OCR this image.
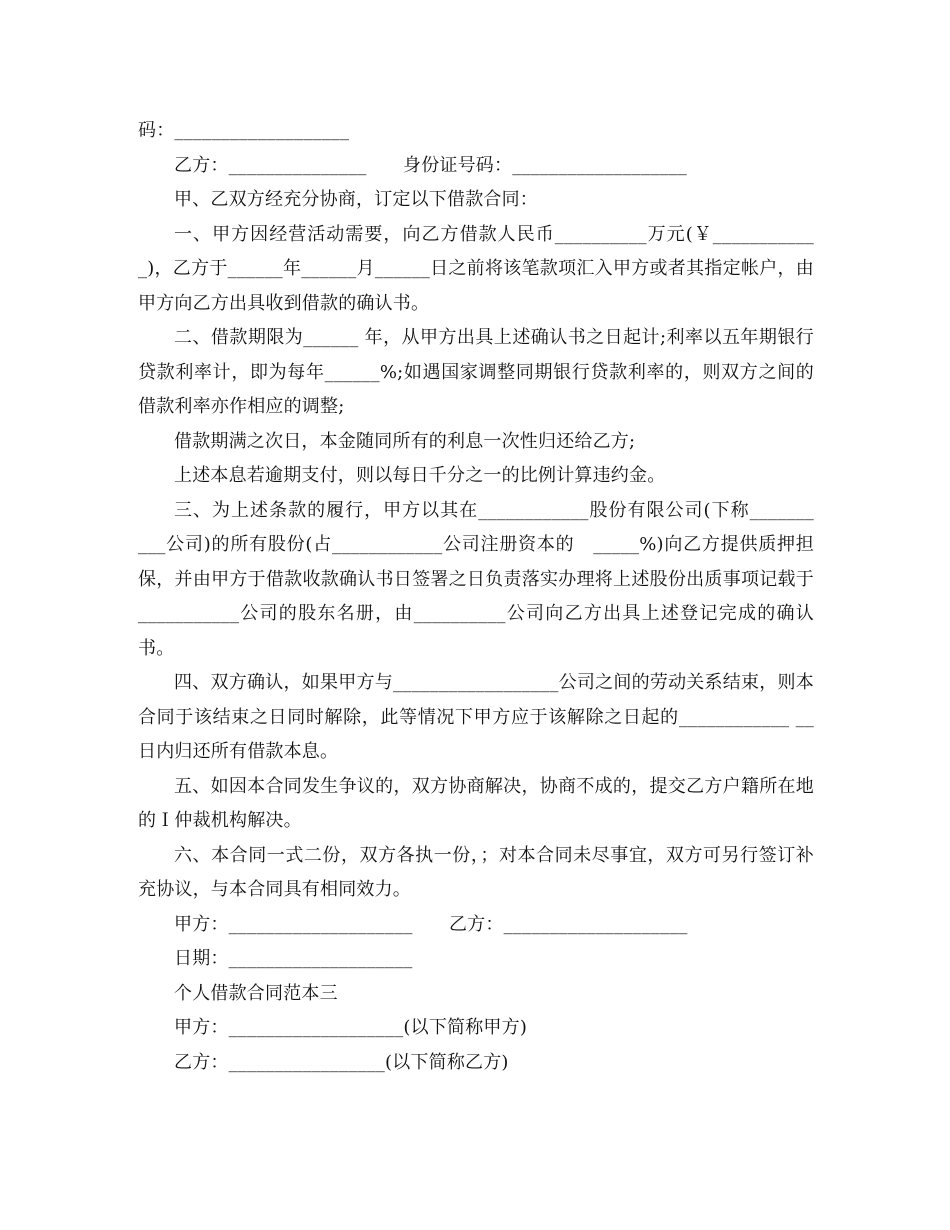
码：___________________

乙方：_______________　　身份证号码：___________________

甲、乙双方经充分协商，订定以下借款合同：

一、甲方因经营活动需要，向乙方借款人民币__________万元(￥___________ _)，乙方于______年______月______日之前将该笔款项汇入甲方或者其指定帐户，由甲方向乙方出具收到借款的确认书。

二、借款期限为______ 年，从甲方出具上述确认书之日起计;利率以五年期银行贷款利率计，即为每年______%;如遇国家调整同期银行贷款利率的，则双方之间的借款利率亦作相应的调整;

借款期满之次日，本金随同所有的利息一次性归还给乙方;

上述本息若逾期支付，则以每日千分之一的比例计算违约金。

三、为上述条款的履行，甲方以其在____________股份有限公司(下称_______ ___公司)的所有股份(占____________公司注册资本的　_____%)向乙方提供质押担保，并由甲方于借款收款确认书日签署之日负责落实办理将上述股份出质事项记载于___________公司的股东名册，由__________公司向乙方出具上述登记完成的确认书。

四、双方确认，如果甲方与__________________公司之间的劳动关系结束，则本合同于该结束之日同时解除，此等情况下甲方应于该解除之日起的____________ __日内归还所有借款本息。

五、如因本合同发生争议的，双方协商解决，协商不成的，提交乙方户籍所在地的Ｉ仲裁机构解决。

六、本合同一式二份，双方各执一份，；对本合同未尽事宜，双方可另行签订补充协议，与本合同具有相同效力。

甲方：____________________　　乙方：____________________

日期：____________________

个人借款合同范本三

甲方：___________________(以下简称甲方)

乙方：_________________(以下简称乙方)
